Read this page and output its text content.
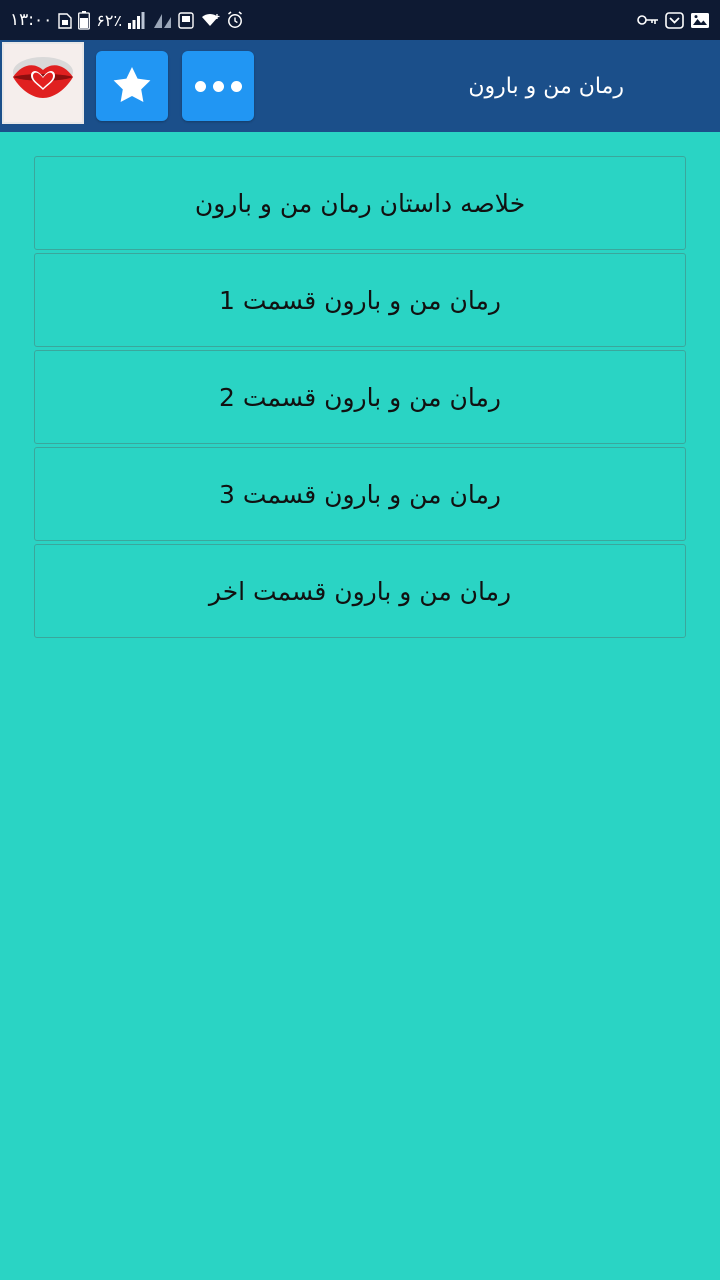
۱۳:۰۰	۶۲٪
رمان من و بارون
خلاصه داستان رمان من و بارون
رمان من و بارون قسمت 1
رمان من و بارون قسمت 2
رمان من و بارون قسمت 3
رمان من و بارون قسمت اخر
